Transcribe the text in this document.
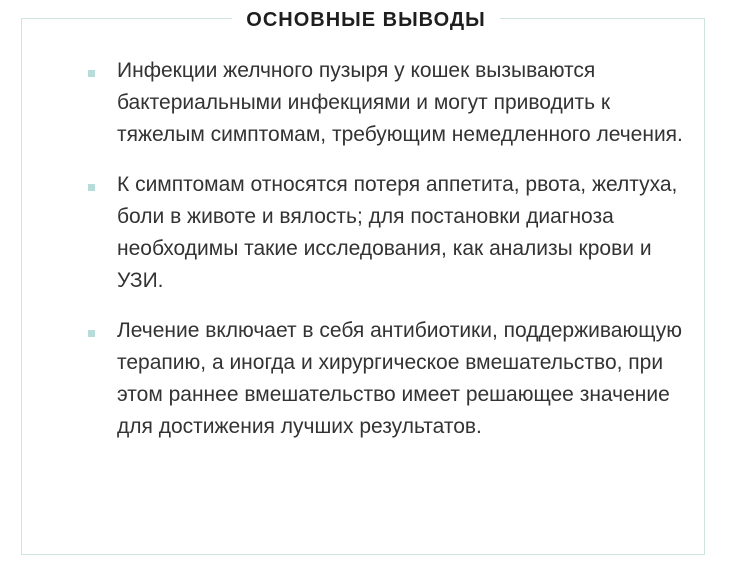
ОСНОВНЫЕ ВЫВОДЫ
Инфекции желчного пузыря у кошек вызываются бактериальными инфекциями и могут приводить к тяжелым симптомам, требующим немедленного лечения.
К симптомам относятся потеря аппетита, рвота, желтуха, боли в животе и вялость; для постановки диагноза необходимы такие исследования, как анализы крови и УЗИ.
Лечение включает в себя антибиотики, поддерживающую терапию, а иногда и хирургическое вмешательство, при этом раннее вмешательство имеет решающее значение для достижения лучших результатов.
